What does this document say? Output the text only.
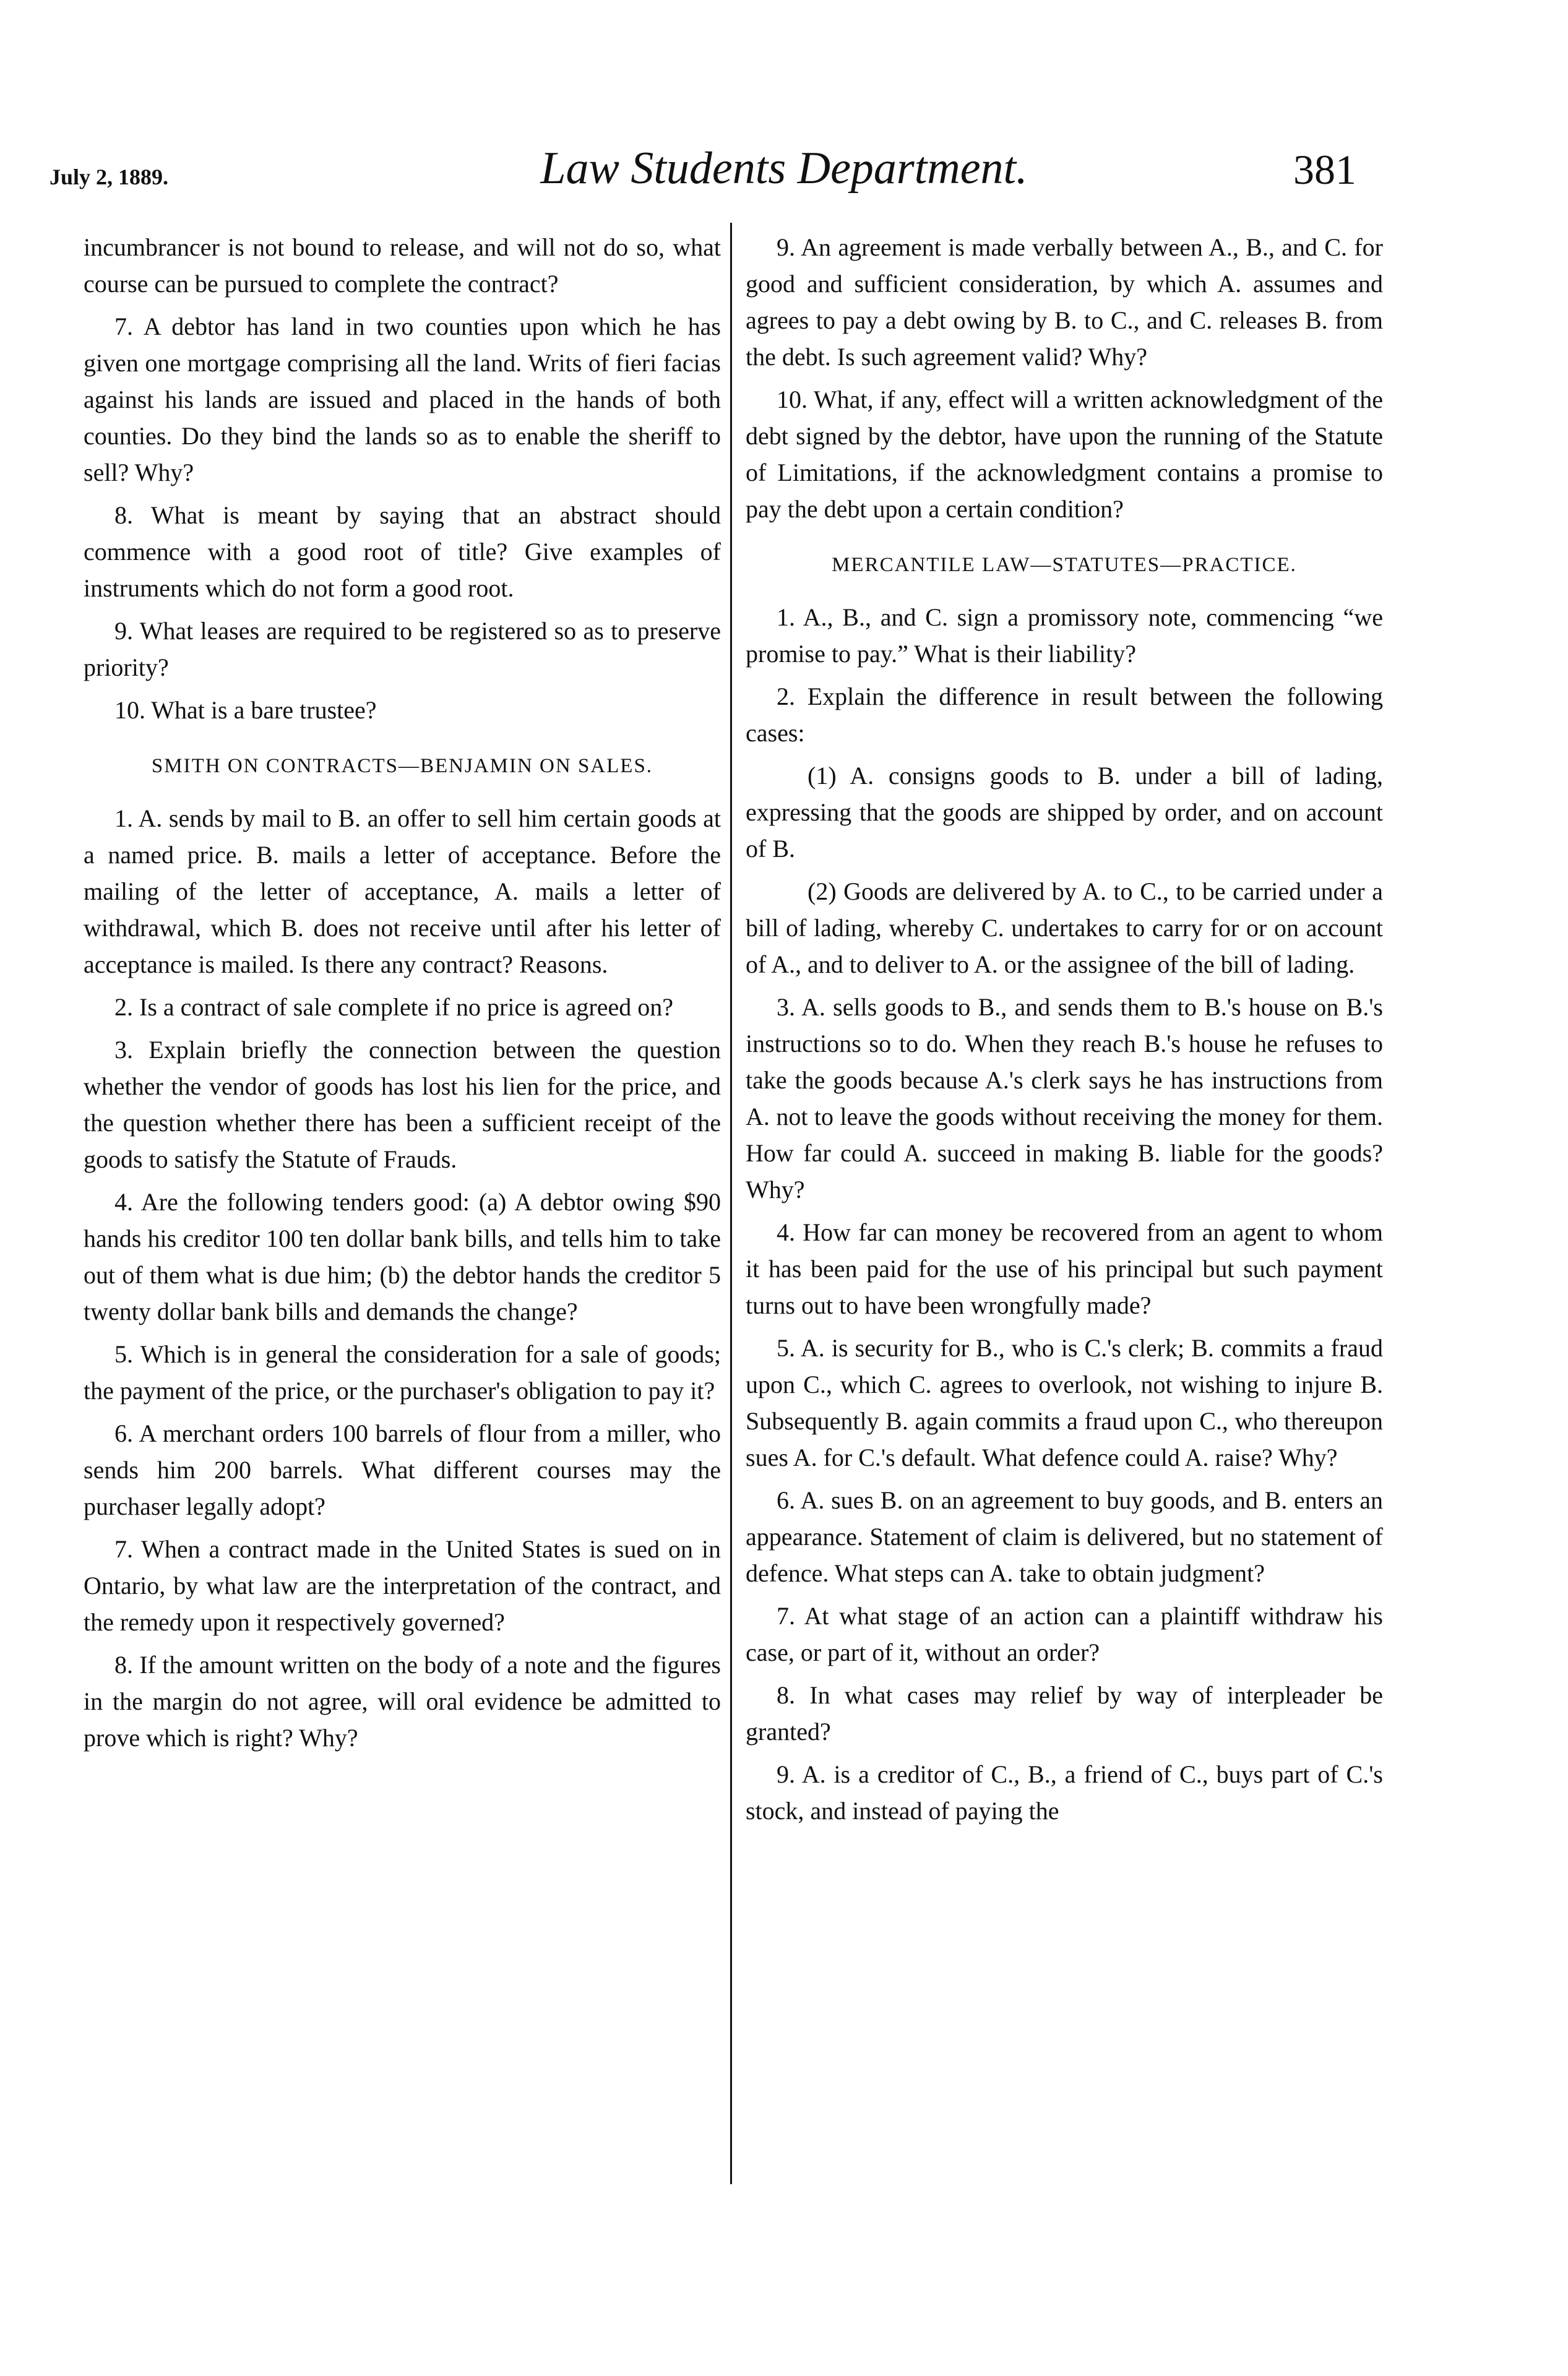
July 2, 1889.	Law Students Department.	381

incumbrancer is not bound to release, and will not do so, what course can be pursued to complete the contract?

7. A debtor has land in two counties upon which he has given one mortgage comprising all the land. Writs of fieri facias against his lands are issued and placed in the hands of both counties. Do they bind the lands so as to enable the sheriff to sell? Why?

8. What is meant by saying that an abstract should commence with a good root of title? Give examples of instruments which do not form a good root.

9. What leases are required to be registered so as to preserve priority?

10. What is a bare trustee?

SMITH ON CONTRACTS—BENJAMIN ON SALES.

1. A. sends by mail to B. an offer to sell him certain goods at a named price. B. mails a letter of acceptance. Before the mailing of the letter of acceptance, A. mails a letter of withdrawal, which B. does not receive until after his letter of acceptance is mailed. Is there any contract? Reasons.

2. Is a contract of sale complete if no price is agreed on?

3. Explain briefly the connection between the question whether the vendor of goods has lost his lien for the price, and the question whether there has been a sufficient receipt of the goods to satisfy the Statute of Frauds.

4. Are the following tenders good: (a) A debtor owing $90 hands his creditor 100 ten dollar bank bills, and tells him to take out of them what is due him; (b) the debtor hands the creditor 5 twenty dollar bank bills and demands the change?

5. Which is in general the consideration for a sale of goods; the payment of the price, or the purchaser's obligation to pay it?

6. A merchant orders 100 barrels of flour from a miller, who sends him 200 barrels. What different courses may the purchaser legally adopt?

7. When a contract made in the United States is sued on in Ontario, by what law are the interpretation of the contract, and the remedy upon it respectively governed?

8. If the amount written on the body of a note and the figures in the margin do not agree, will oral evidence be admitted to prove which is right? Why?

9. An agreement is made verbally between A., B., and C. for good and sufficient consideration, by which A. assumes and agrees to pay a debt owing by B. to C., and C. releases B. from the debt. Is such agreement valid? Why?

10. What, if any, effect will a written acknowledgment of the debt signed by the debtor, have upon the running of the Statute of Limitations, if the acknowledgment contains a promise to pay the debt upon a certain condition?

MERCANTILE LAW—STATUTES—PRACTICE.

1. A., B., and C. sign a promissory note, commencing “we promise to pay.” What is their liability?

2. Explain the difference in result between the following cases:

(1) A. consigns goods to B. under a bill of lading, expressing that the goods are shipped by order, and on account of B.

(2) Goods are delivered by A. to C., to be carried under a bill of lading, whereby C. undertakes to carry for or on account of A., and to deliver to A. or the assignee of the bill of lading.

3. A. sells goods to B., and sends them to B.'s house on B.'s instructions so to do. When they reach B.'s house he refuses to take the goods because A.'s clerk says he has instructions from A. not to leave the goods without receiving the money for them. How far could A. succeed in making B. liable for the goods? Why?

4. How far can money be recovered from an agent to whom it has been paid for the use of his principal but such payment turns out to have been wrongfully made?

5. A. is security for B., who is C.'s clerk; B. commits a fraud upon C., which C. agrees to overlook, not wishing to injure B. Subsequently B. again commits a fraud upon C., who thereupon sues A. for C.'s default. What defence could A. raise? Why?

6. A. sues B. on an agreement to buy goods, and B. enters an appearance. Statement of claim is delivered, but no statement of defence. What steps can A. take to obtain judgment?

7. At what stage of an action can a plaintiff withdraw his case, or part of it, without an order?

8. In what cases may relief by way of interpleader be granted?

9. A. is a creditor of C., B., a friend of C., buys part of C.'s stock, and instead of paying the
